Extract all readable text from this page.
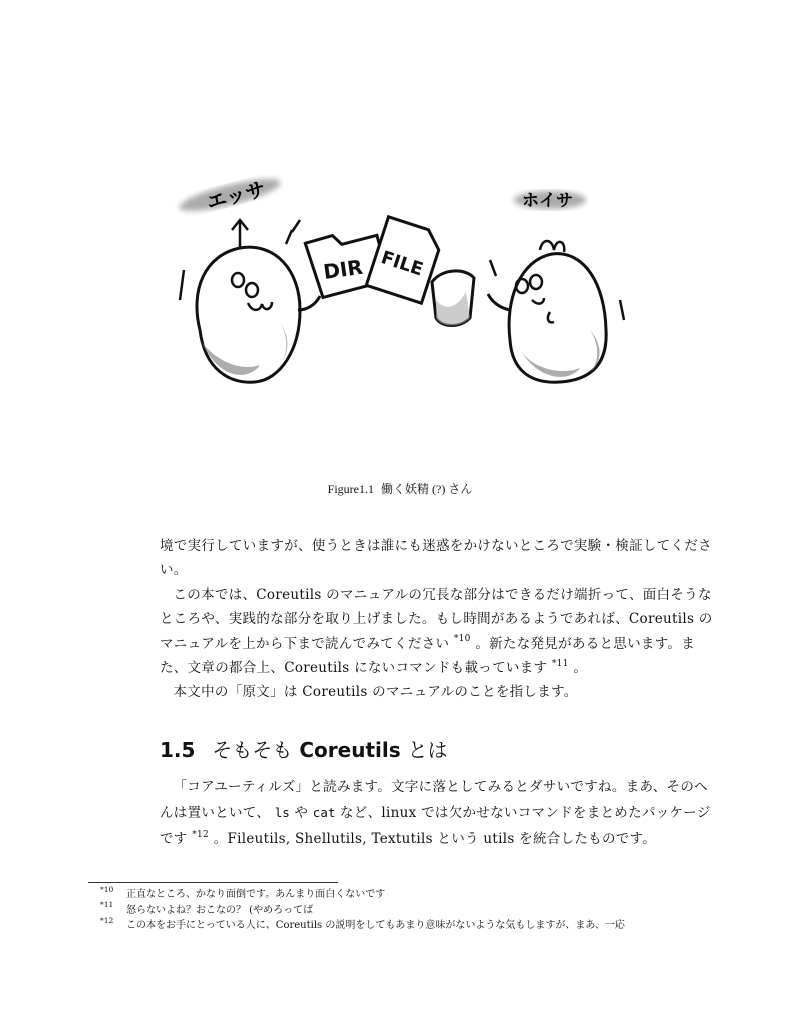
エッサ	ホイサ
DIR FILE
Figure1.1 働く妖精 (?) さん

境で実行していますが、使うときは誰にも迷惑をかけないところで実験・検証してください。

この本では、Coreutils のマニュアルの冗長な部分はできるだけ端折って、面白そうなところや、実践的な部分を取り上げました。もし時間があるようであれば、Coreutils のマニュアルを上から下まで読んでみてください $^{*10}$ 。新たな発見があると思います。また、文章の都合上、Coreutils にないコマンドも載っています $^{*11}$ 。

本文中の「原文」は Coreutils のマニュアルのことを指します。

1.5 そもそも Coreutils とは

「コアユーティルズ」と読みます。文字に落としてみるとダサいですね。まあ、そのへんは置いといて、 ls や cat など、linux では欠かせないコマンドをまとめたパッケージです $^{*12}$ 。Fileutils, Shellutils, Textutils という utils を統合したものです。

$^{*10}$	正直なところ、かなり面倒です。あんまり面白くないです
$^{*11}$	怒らないよね？おこなの？ (やめろってば
$^{*12}$	この本をお手にとっている人に、Coreutils の説明をしてもあまり意味がないような気もしますが、まあ、一応
